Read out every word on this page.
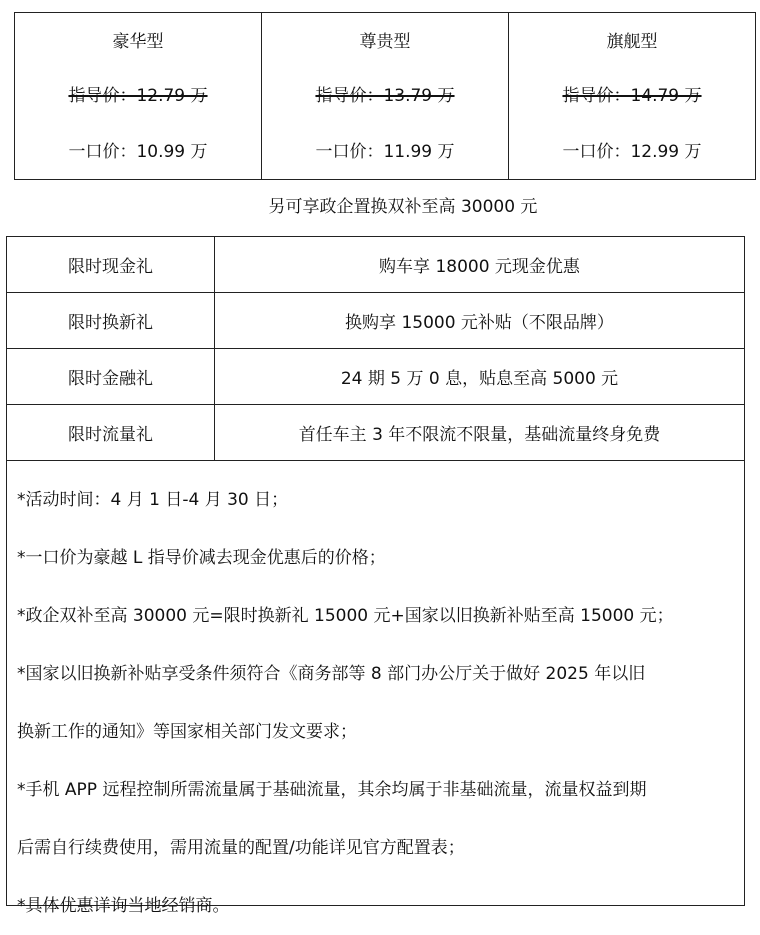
豪华型
指导价：12.79 万
一口价：10.99 万

尊贵型
指导价：13.79 万
一口价：11.99 万

旗舰型
指导价：14.79 万
一口价：12.99 万
另可享政企置换双补至高 30000 元
限时现金礼	购车享 18000 元现金优惠
限时换新礼	换购享 15000 元补贴（不限品牌）
限时金融礼	24 期 5 万 0 息，贴息至高 5000 元
限时流量礼	首任车主 3 年不限流不限量，基础流量终身免费

*活动时间：4 月 1 日-4 月 30 日；

*一口价为豪越 L 指导价减去现金优惠后的价格；

*政企双补至高 30000 元=限时换新礼 15000 元+国家以旧换新补贴至高 15000 元；

*国家以旧换新补贴享受条件须符合《商务部等 8 部门办公厅关于做好 2025 年以旧

换新工作的通知》等国家相关部门发文要求；

*手机 APP 远程控制所需流量属于基础流量，其余均属于非基础流量，流量权益到期

后需自行续费使用，需用流量的配置/功能详见官方配置表；

*具体优惠详询当地经销商。
